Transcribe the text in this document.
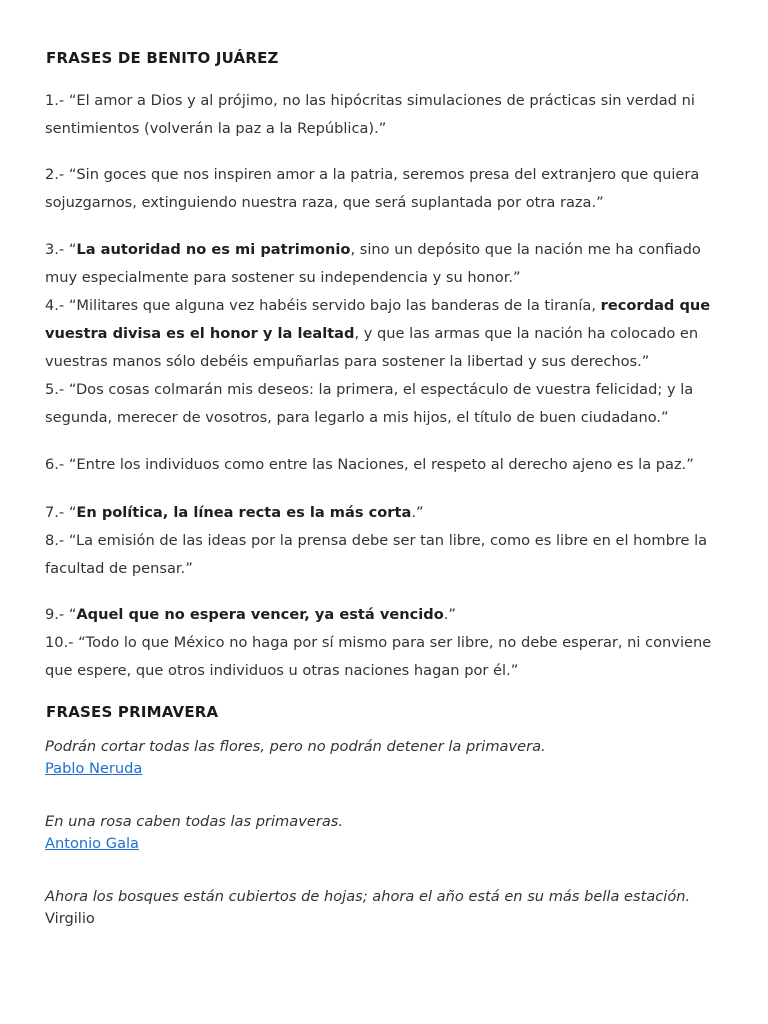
FRASES DE BENITO JUÁREZ
1.- “El amor a Dios y al prójimo, no las hipócritas simulaciones de prácticas sin verdad ni sentimientos (volverán la paz a la República).”
2.- “Sin goces que nos inspiren amor a la patria, seremos presa del extranjero que quiera sojuzgarnos, extinguiendo nuestra raza, que será suplantada por otra raza.”
3.- “La autoridad no es mi patrimonio, sino un depósito que la nación me ha confiado muy especialmente para sostener su independencia y su honor.”
4.- “Militares que alguna vez habéis servido bajo las banderas de la tiranía, recordad que vuestra divisa es el honor y la lealtad, y que las armas que la nación ha colocado en vuestras manos sólo debéis empuñarlas para sostener la libertad y sus derechos.”
5.- “Dos cosas colmarán mis deseos: la primera, el espectáculo de vuestra felicidad; y la segunda, merecer de vosotros, para legarlo a mis hijos, el título de buen ciudadano.”
6.- “Entre los individuos como entre las Naciones, el respeto al derecho ajeno es la paz.”
7.- “En política, la línea recta es la más corta.”
8.- “La emisión de las ideas por la prensa debe ser tan libre, como es libre en el hombre la facultad de pensar.”
9.- “Aquel que no espera vencer, ya está vencido.”
10.- “Todo lo que México no haga por sí mismo para ser libre, no debe esperar, ni conviene que espere, que otros individuos u otras naciones hagan por él.”
FRASES PRIMAVERA
Podrán cortar todas las flores, pero no podrán detener la primavera.
Pablo Neruda
En una rosa caben todas las primaveras.
Antonio Gala
Ahora los bosques están cubiertos de hojas; ahora el año está en su más bella estación.
Virgilio
